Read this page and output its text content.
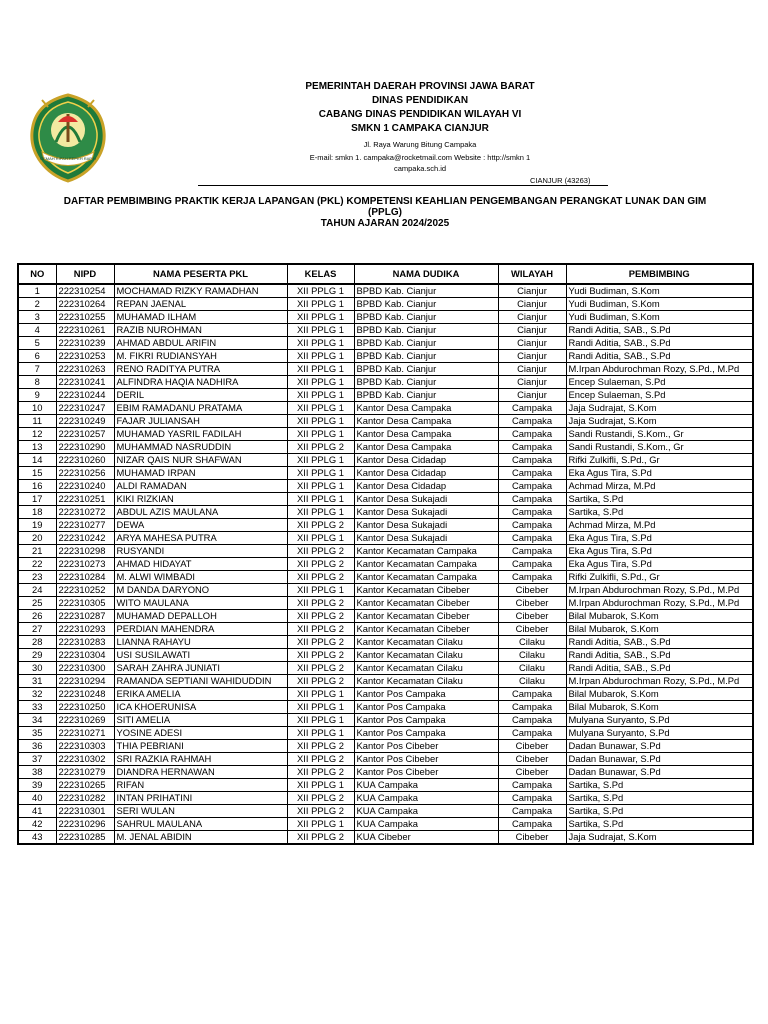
GEMAH RIPAH REPEH RAPIH
PEMERINTAH DAERAH PROVINSI JAWA BARAT
DINAS PENDIDIKAN
CABANG DINAS PENDIDIKAN WILAYAH VI
SMKN 1 CAMPAKA CIANJUR
Jl. Raya Warung Bitung Campaka
E-mail: smkn 1. campaka@rocketmail.com Website : http://smkn 1
campaka.sch.id
CIANJUR (43263)
DAFTAR PEMBIMBING PRAKTIK KERJA LAPANGAN (PKL) KOMPETENSI KEAHLIAN PENGEMBANGAN PERANGKAT LUNAK DAN GIM
(PPLG)
TAHUN AJARAN 2024/2025
NO	NIPD	NAMA PESERTA PKL	KELAS	NAMA DUDIKA	WILAYAH	PEMBIMBING
1	222310254	MOCHAMAD RIZKY RAMADHAN	XII PPLG 1	BPBD Kab. Cianjur	Cianjur	Yudi Budiman, S.Kom
2	222310264	REPAN JAENAL	XII PPLG 1	BPBD Kab. Cianjur	Cianjur	Yudi Budiman, S.Kom
3	222310255	MUHAMAD ILHAM	XII PPLG 1	BPBD Kab. Cianjur	Cianjur	Yudi Budiman, S.Kom
4	222310261	RAZIB NUROHMAN	XII PPLG 1	BPBD Kab. Cianjur	Cianjur	Randi Aditia, SAB., S.Pd
5	222310239	AHMAD ABDUL ARIFIN	XII PPLG 1	BPBD Kab. Cianjur	Cianjur	Randi Aditia, SAB., S.Pd
6	222310253	M. FIKRI RUDIANSYAH	XII PPLG 1	BPBD Kab. Cianjur	Cianjur	Randi Aditia, SAB., S.Pd
7	222310263	RENO RADITYA PUTRA	XII PPLG 1	BPBD Kab. Cianjur	Cianjur	M.Irpan Abdurochman Rozy, S.Pd., M.Pd
8	222310241	ALFINDRA HAQIA NADHIRA	XII PPLG 1	BPBD Kab. Cianjur	Cianjur	Encep Sulaeman, S.Pd
9	222310244	DERIL	XII PPLG 1	BPBD Kab. Cianjur	Cianjur	Encep Sulaeman, S.Pd
10	222310247	EBIM RAMADANU PRATAMA	XII PPLG 1	Kantor Desa Campaka	Campaka	Jaja Sudrajat, S.Kom
11	222310249	FAJAR JULIANSAH	XII PPLG 1	Kantor Desa Campaka	Campaka	Jaja Sudrajat, S.Kom
12	222310257	MUHAMAD YASRIL FADILAH	XII PPLG 1	Kantor Desa Campaka	Campaka	Sandi Rustandi, S.Kom., Gr
13	222310290	MUHAMMAD NASRUDDIN	XII PPLG 2	Kantor Desa Campaka	Campaka	Sandi Rustandi, S.Kom., Gr
14	222310260	NIZAR QAIS NUR SHAFWAN	XII PPLG 1	Kantor Desa Cidadap	Campaka	Rifki Zulkifli, S.Pd., Gr
15	222310256	MUHAMAD IRPAN	XII PPLG 1	Kantor Desa Cidadap	Campaka	Eka Agus Tira, S.Pd
16	222310240	ALDI RAMADAN	XII PPLG 1	Kantor Desa Cidadap	Campaka	Achmad Mirza, M.Pd
17	222310251	KIKI RIZKIAN	XII PPLG 1	Kantor Desa Sukajadi	Campaka	Sartika, S.Pd
18	222310272	ABDUL AZIS MAULANA	XII PPLG 1	Kantor Desa Sukajadi	Campaka	Sartika, S.Pd
19	222310277	DEWA	XII PPLG 2	Kantor Desa Sukajadi	Campaka	Achmad Mirza, M.Pd
20	222310242	ARYA MAHESA PUTRA	XII PPLG 1	Kantor Desa Sukajadi	Campaka	Eka Agus Tira, S.Pd
21	222310298	RUSYANDI	XII PPLG 2	Kantor Kecamatan Campaka	Campaka	Eka Agus Tira, S.Pd
22	222310273	AHMAD HIDAYAT	XII PPLG 2	Kantor Kecamatan Campaka	Campaka	Eka Agus Tira, S.Pd
23	222310284	M. ALWI WIMBADI	XII PPLG 2	Kantor Kecamatan Campaka	Campaka	Rifki Zulkifli, S.Pd., Gr
24	222310252	M DANDA DARYONO	XII PPLG 1	Kantor Kecamatan Cibeber	Cibeber	M.Irpan Abdurochman Rozy, S.Pd., M.Pd
25	222310305	WITO MAULANA	XII PPLG 2	Kantor Kecamatan Cibeber	Cibeber	M.Irpan Abdurochman Rozy, S.Pd., M.Pd
26	222310287	MUHAMAD DEPALLOH	XII PPLG 2	Kantor Kecamatan Cibeber	Cibeber	Bilal Mubarok, S.Kom
27	222310293	PERDIAN MAHENDRA	XII PPLG 2	Kantor Kecamatan Cibeber	Cibeber	Bilal Mubarok, S.Kom
28	222310283	LIANNA RAHAYU	XII PPLG 2	Kantor Kecamatan Cilaku	Cilaku	Randi Aditia, SAB., S.Pd
29	222310304	USI SUSILAWATI	XII PPLG 2	Kantor Kecamatan Cilaku	Cilaku	Randi Aditia, SAB., S.Pd
30	222310300	SARAH ZAHRA JUNIATI	XII PPLG 2	Kantor Kecamatan Cilaku	Cilaku	Randi Aditia, SAB., S.Pd
31	222310294	RAMANDA SEPTIANI WAHIDUDDIN	XII PPLG 2	Kantor Kecamatan Cilaku	Cilaku	M.Irpan Abdurochman Rozy, S.Pd., M.Pd
32	222310248	ERIKA AMELIA	XII PPLG 1	Kantor Pos Campaka	Campaka	Bilal Mubarok, S.Kom
33	222310250	ICA KHOERUNISA	XII PPLG 1	Kantor Pos Campaka	Campaka	Bilal Mubarok, S.Kom
34	222310269	SITI AMELIA	XII PPLG 1	Kantor Pos Campaka	Campaka	Mulyana Suryanto, S.Pd
35	222310271	YOSINE ADESI	XII PPLG 1	Kantor Pos Campaka	Campaka	Mulyana Suryanto, S.Pd
36	222310303	THIA PEBRIANI	XII PPLG 2	Kantor Pos Cibeber	Cibeber	Dadan Bunawar, S.Pd
37	222310302	SRI RAZKIA RAHMAH	XII PPLG 2	Kantor Pos Cibeber	Cibeber	Dadan Bunawar, S.Pd
38	222310279	DIANDRA HERNAWAN	XII PPLG 2	Kantor Pos Cibeber	Cibeber	Dadan Bunawar, S.Pd
39	222310265	RIFAN	XII PPLG 1	KUA Campaka	Campaka	Sartika, S.Pd
40	222310282	INTAN PRIHATINI	XII PPLG 2	KUA Campaka	Campaka	Sartika, S.Pd
41	222310301	SERI WULAN	XII PPLG 2	KUA Campaka	Campaka	Sartika, S.Pd
42	222310296	SAHRUL MAULANA	XII PPLG 1	KUA Campaka	Campaka	Sartika, S.Pd
43	222310285	M. JENAL ABIDIN	XII PPLG 2	KUA Cibeber	Cibeber	Jaja Sudrajat, S.Kom
